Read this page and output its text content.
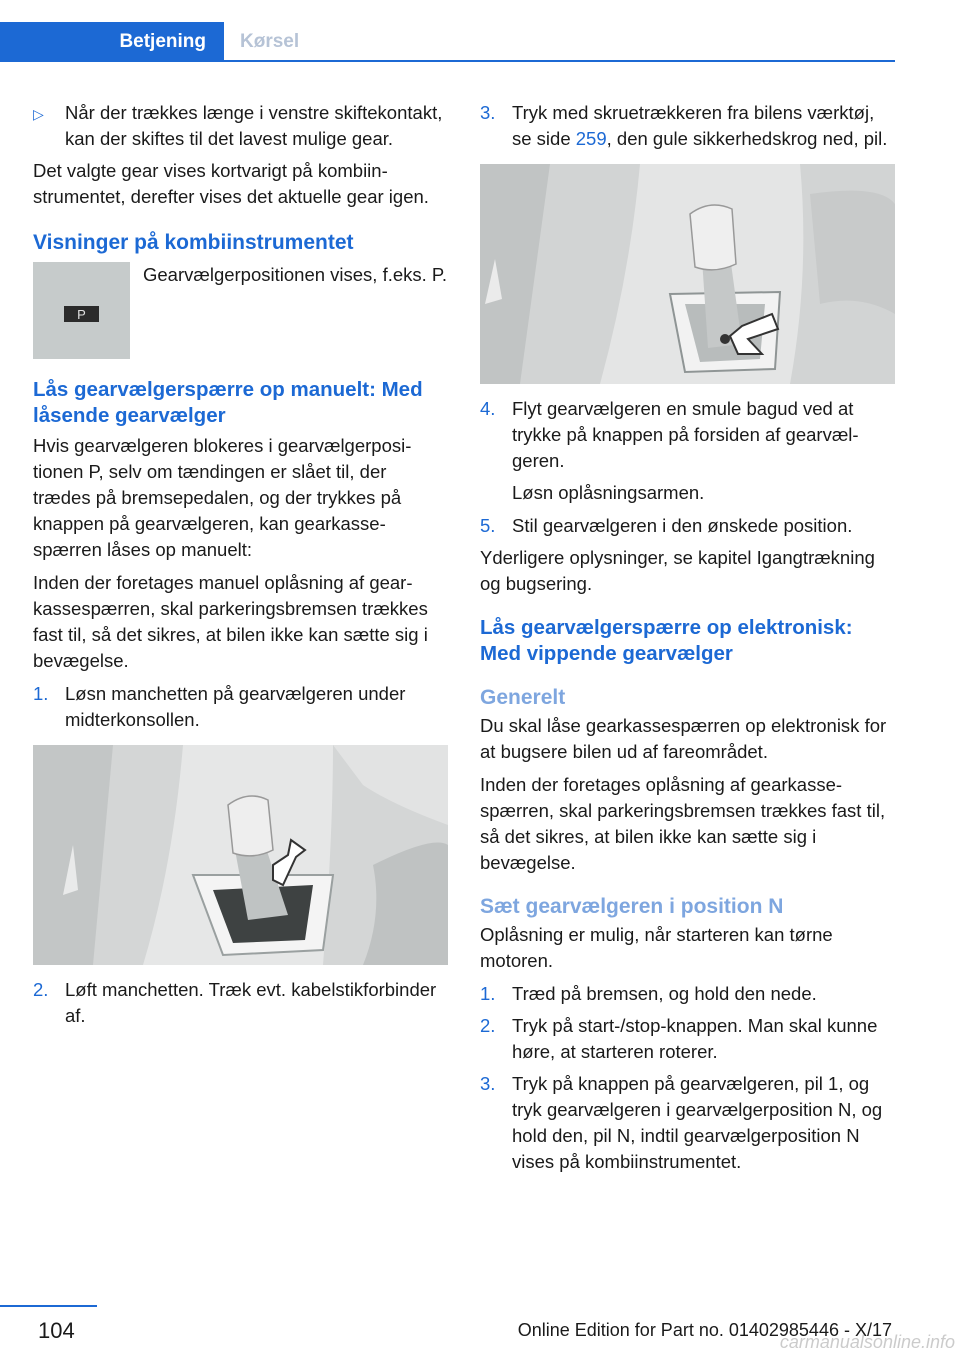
Betjening	Kørsel
▷	Når der trækkes længe i venstre skiftekontakt, kan der skiftes til det lavest mulige gear.

Det valgte gear vises kortvarigt på kombiinstrumentet, derefter vises det aktuelle gear igen.

Visninger på kombiinstrumentet
P
Gearvælgerpositionen vises, f.eks. P.
Lås gearvælgerspærre op manuelt: Med låsende gearvælger

Hvis gearvælgeren blokeres i gearvælgerpositionen P, selv om tændingen er slået til, der trædes på bremsepedalen, og der trykkes på knappen på gearvælgeren, kan gearkassespærren låses op manuelt:

Inden der foretages manuel oplåsning af gearkassespærren, skal parkeringsbremsen trækkes fast til, så det sikres, at bilen ikke kan sætte sig i bevægelse.

1. Løsn manchetten på gearvælgeren under midterkonsollen.
2. Løft manchetten. Træk evt. kabelstikforbinder af.
3. Tryk med skruetrækkeren fra bilens værktøj, se side 259, den gule sikkerhedskrog ned, pil.
4. Flyt gearvælgeren en smule bagud ved at trykke på knappen på forsiden af gearvælgeren.
Løsn oplåsningsarmen.
5. Stil gearvælgeren i den ønskede position.

Yderligere oplysninger, se kapitel Igangtrækning og bugsering.

Lås gearvælgerspærre op elektronisk: Med vippende gearvælger
Generelt

Du skal låse gearkassespærren op elektronisk for at bugsere bilen ud af fareområdet.

Inden der foretages oplåsning af gearkassespærren, skal parkeringsbremsen trækkes fast til, så det sikres, at bilen ikke kan sætte sig i bevægelse.

Sæt gearvælgeren i position N

Oplåsning er mulig, når starteren kan tørne motoren.

1. Træd på bremsen, og hold den nede.
2. Tryk på start-/stop-knappen. Man skal kunne høre, at starteren roterer.
3. Tryk på knappen på gearvælgeren, pil 1, og tryk gearvælgeren i gearvælgerposition N, og hold den, pil N, indtil gearvælgerposition N vises på kombiinstrumentet.
104	Online Edition for Part no. 01402985446 - X/17
carmanualsonline.info
